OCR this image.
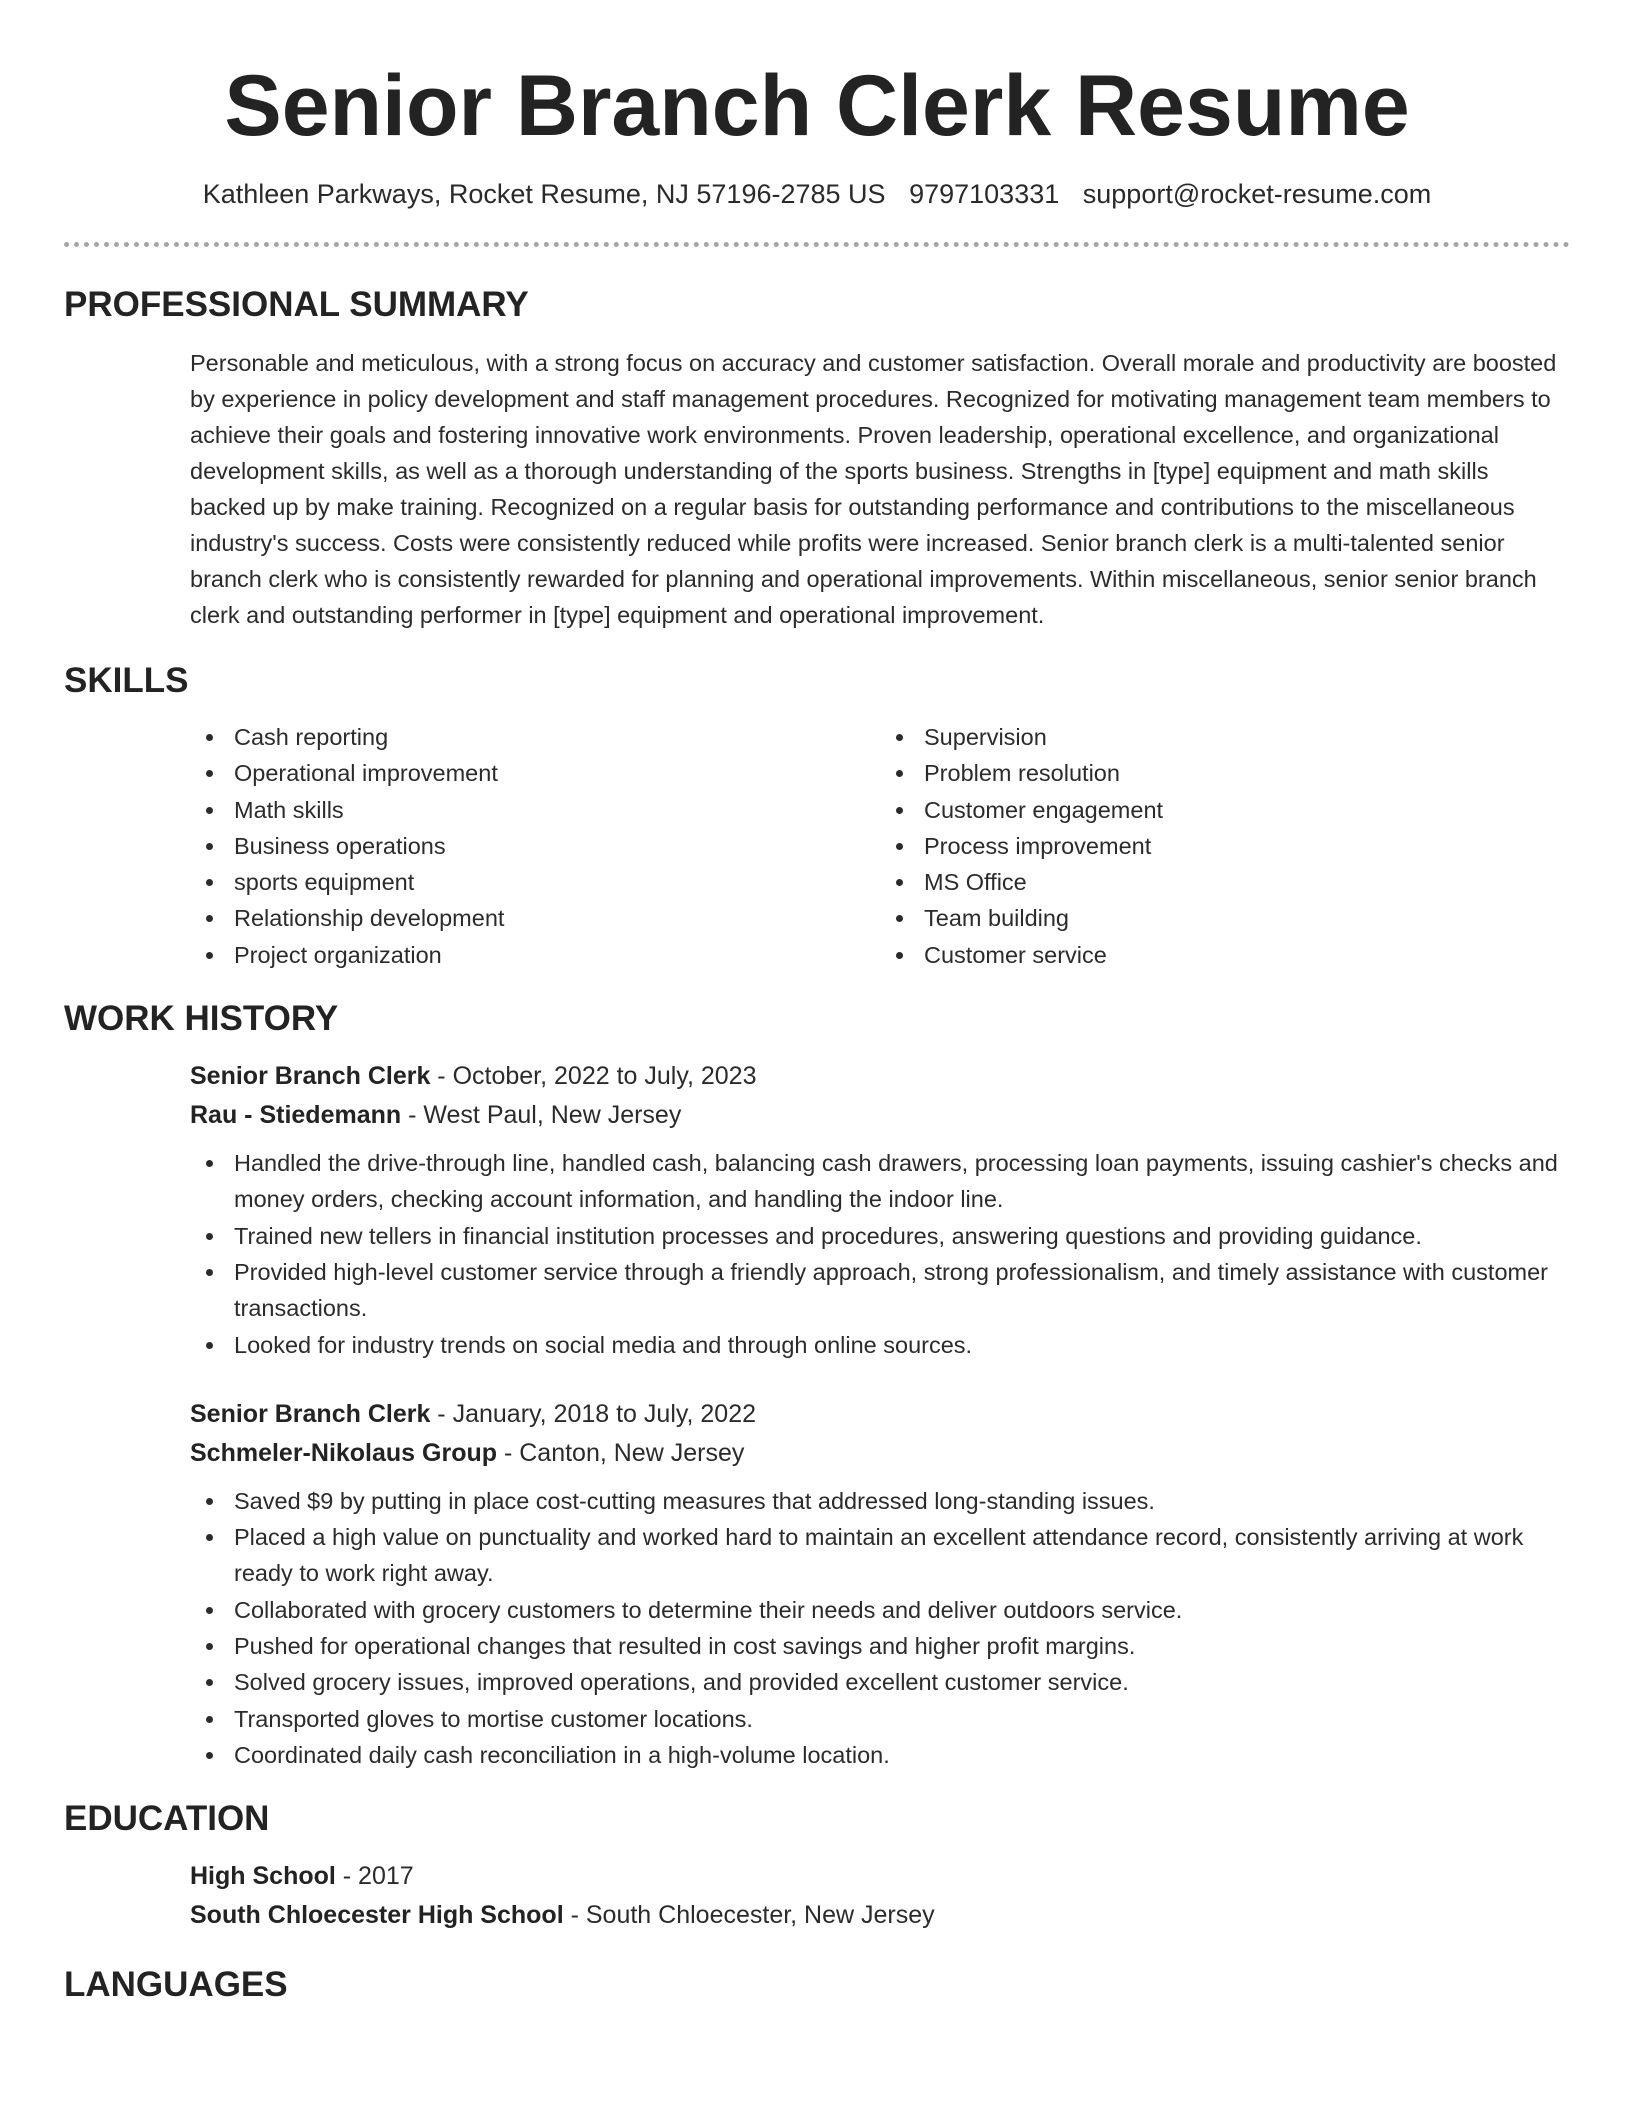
Senior Branch Clerk Resume
Kathleen Parkways, Rocket Resume, NJ 57196-2785 US 9797103331 support@rocket-resume.com
PROFESSIONAL SUMMARY
Personable and meticulous, with a strong focus on accuracy and customer satisfaction. Overall morale and productivity are boosted by experience in policy development and staff management procedures. Recognized for motivating management team members to achieve their goals and fostering innovative work environments. Proven leadership, operational excellence, and organizational development skills, as well as a thorough understanding of the sports business. Strengths in [type] equipment and math skills backed up by make training. Recognized on a regular basis for outstanding performance and contributions to the miscellaneous industry's success. Costs were consistently reduced while profits were increased. Senior branch clerk is a multi-talented senior branch clerk who is consistently rewarded for planning and operational improvements. Within miscellaneous, senior senior branch clerk and outstanding performer in [type] equipment and operational improvement.
SKILLS
Cash reporting
Operational improvement
Math skills
Business operations
sports equipment
Relationship development
Project organization
Supervision
Problem resolution
Customer engagement
Process improvement
MS Office
Team building
Customer service
WORK HISTORY
Senior Branch Clerk - October, 2022 to July, 2023
Rau - Stiedemann - West Paul, New Jersey
Handled the drive-through line, handled cash, balancing cash drawers, processing loan payments, issuing cashier's checks and money orders, checking account information, and handling the indoor line.
Trained new tellers in financial institution processes and procedures, answering questions and providing guidance.
Provided high-level customer service through a friendly approach, strong professionalism, and timely assistance with customer transactions.
Looked for industry trends on social media and through online sources.
Senior Branch Clerk - January, 2018 to July, 2022
Schmeler-Nikolaus Group - Canton, New Jersey
Saved $9 by putting in place cost-cutting measures that addressed long-standing issues.
Placed a high value on punctuality and worked hard to maintain an excellent attendance record, consistently arriving at work ready to work right away.
Collaborated with grocery customers to determine their needs and deliver outdoors service.
Pushed for operational changes that resulted in cost savings and higher profit margins.
Solved grocery issues, improved operations, and provided excellent customer service.
Transported gloves to mortise customer locations.
Coordinated daily cash reconciliation in a high-volume location.
EDUCATION
High School - 2017
South Chloecester High School - South Chloecester, New Jersey
LANGUAGES
